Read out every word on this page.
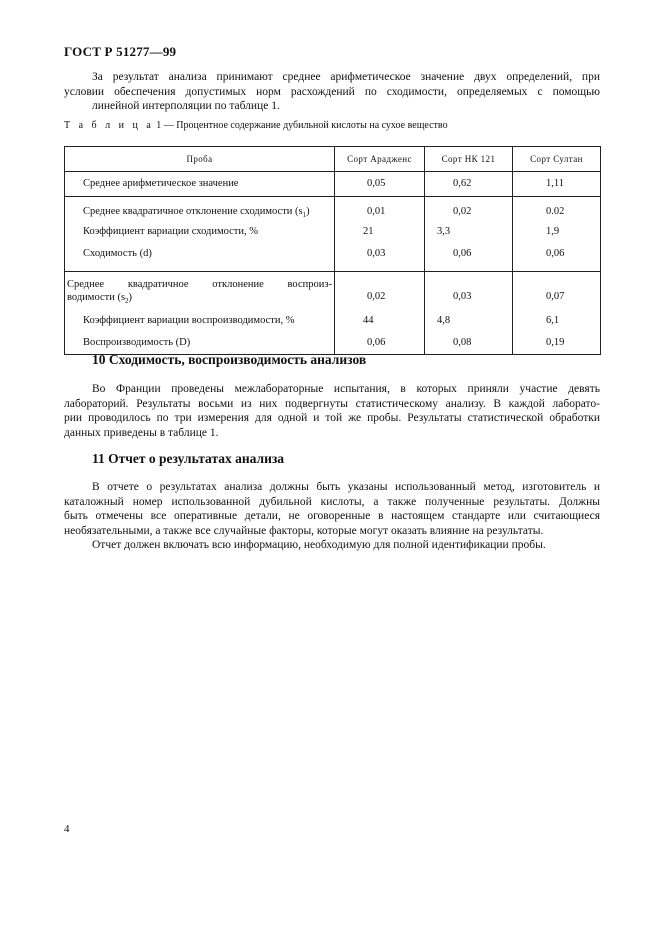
ГОСТ Р 51277—99
За результат анализа принимают среднее арифметическое значение двух определений, при
условии обеспечения допустимых норм расхождений по сходимости, определяемых с помощью
линейной интерполяции по таблице 1.
Т а б л и ц а 1 — Процентное содержание дубильной кислоты на сухое вещество
Проба	Сорт Арадженс	Сорт НК 121	Сорт Султан
Среднее арифметическое значение	0,05	0,62	1,11
Среднее квадратичное отклонение сходимости $(s_1)$	0,01	0,02	0.02
Коэффициент вариации сходимости, %	21	3,3	1,9
Сходимость (d)	0,03	0,06	0,06

Среднее квадратичное отклонение воспроиз-
водимости $(s_2)$	0,02	0,03	0,07
Коэффициент вариации воспроизводимости, %	44	4,8	6,1
Воспроизводимость (D)	0,06	0,08	0,19
10 Сходимость, воспроизводимость анализов
Во Франции проведены межлабораторные испытания, в которых приняли участие девять
лабораторий. Результаты восьми из них подвергнуты статистическому анализу. В каждой лаборато-
рии проводилось по три измерения для одной и той же пробы. Результаты статистической обработки
данных приведены в таблице 1.
11 Отчет о результатах анализа
В отчете о результатах анализа должны быть указаны использованный метод, изготовитель и
каталожный номер использованной дубильной кислоты, а также полученные результаты. Должны
быть отмечены все оперативные детали, не оговоренные в настоящем стандарте или считающиеся
необязательными, а также все случайные факторы, которые могут оказать влияние на результаты.
Отчет должен включать всю информацию, необходимую для полной идентификации пробы.
4
